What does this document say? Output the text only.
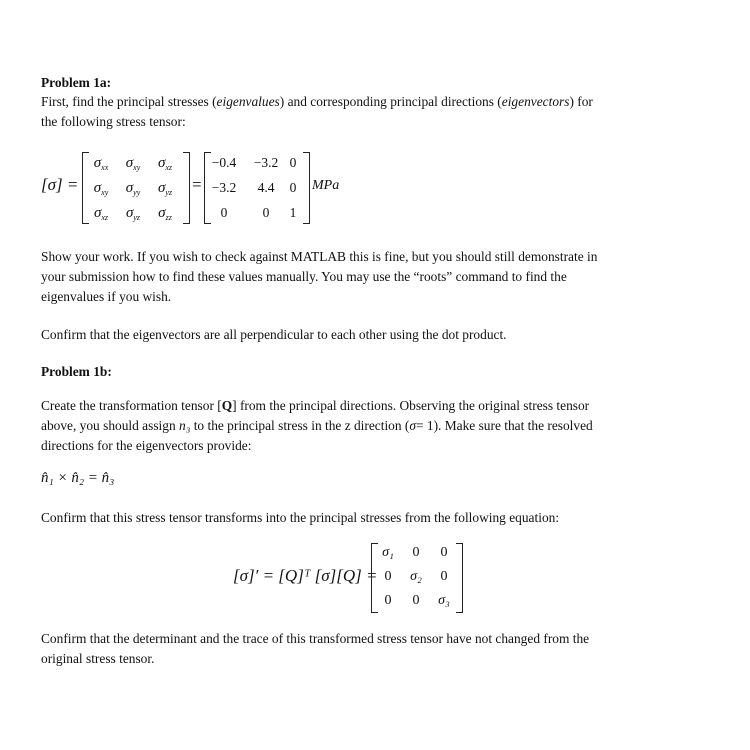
Problem 1a:
First, find the principal stresses (eigenvalues) and corresponding principal directions (eigenvectors) for
the following stress tensor:
[σ] =
$\sigma_{xx}$	$\sigma_{xy}$	$\sigma_{xz}$
$\sigma_{xy}$	$\sigma_{yy}$	$\sigma_{yz}$
$\sigma_{xz}$	$\sigma_{yz}$	$\sigma_{zz}$
=
−0.4	−3.2 0
−3.2	4.4	0
0	0	1
MPa
Show your work. If you wish to check against MATLAB this is fine, but you should still demonstrate in
your submission how to find these values manually. You may use the “roots” command to find the
eigenvalues if you wish.
Confirm that the eigenvectors are all perpendicular to each other using the dot product.
Problem 1b:
Create the transformation tensor [Q] from the principal directions. Observing the original stress tensor
above, you should assign n₃ to the principal stress in the z direction (σ= 1). Make sure that the resolved
directions for the eigenvectors provide:
n̂₁ × n̂₂ = n̂₃
Confirm that this stress tensor transforms into the principal stresses from the following equation:
[σ]′ = [Q]ᵀ [σ][Q] =
σ₁	0	0
0	σ₂	0
0	0	σ₃
Confirm that the determinant and the trace of this transformed stress tensor have not changed from the
original stress tensor.
